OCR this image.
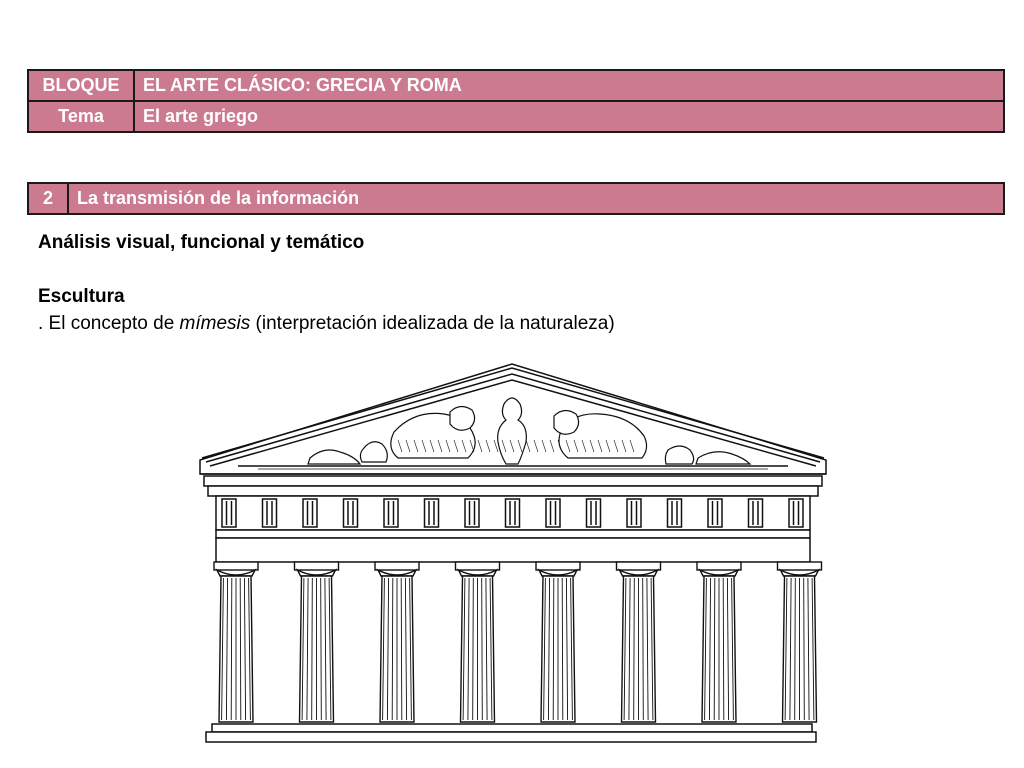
BLOQUE	EL ARTE CLÁSICO: GRECIA Y ROMA
Tema	El arte griego
2	La transmisión de la información

Análisis visual, funcional y temático

Escultura

. El concepto de mímesis (interpretación idealizada de la naturaleza)
